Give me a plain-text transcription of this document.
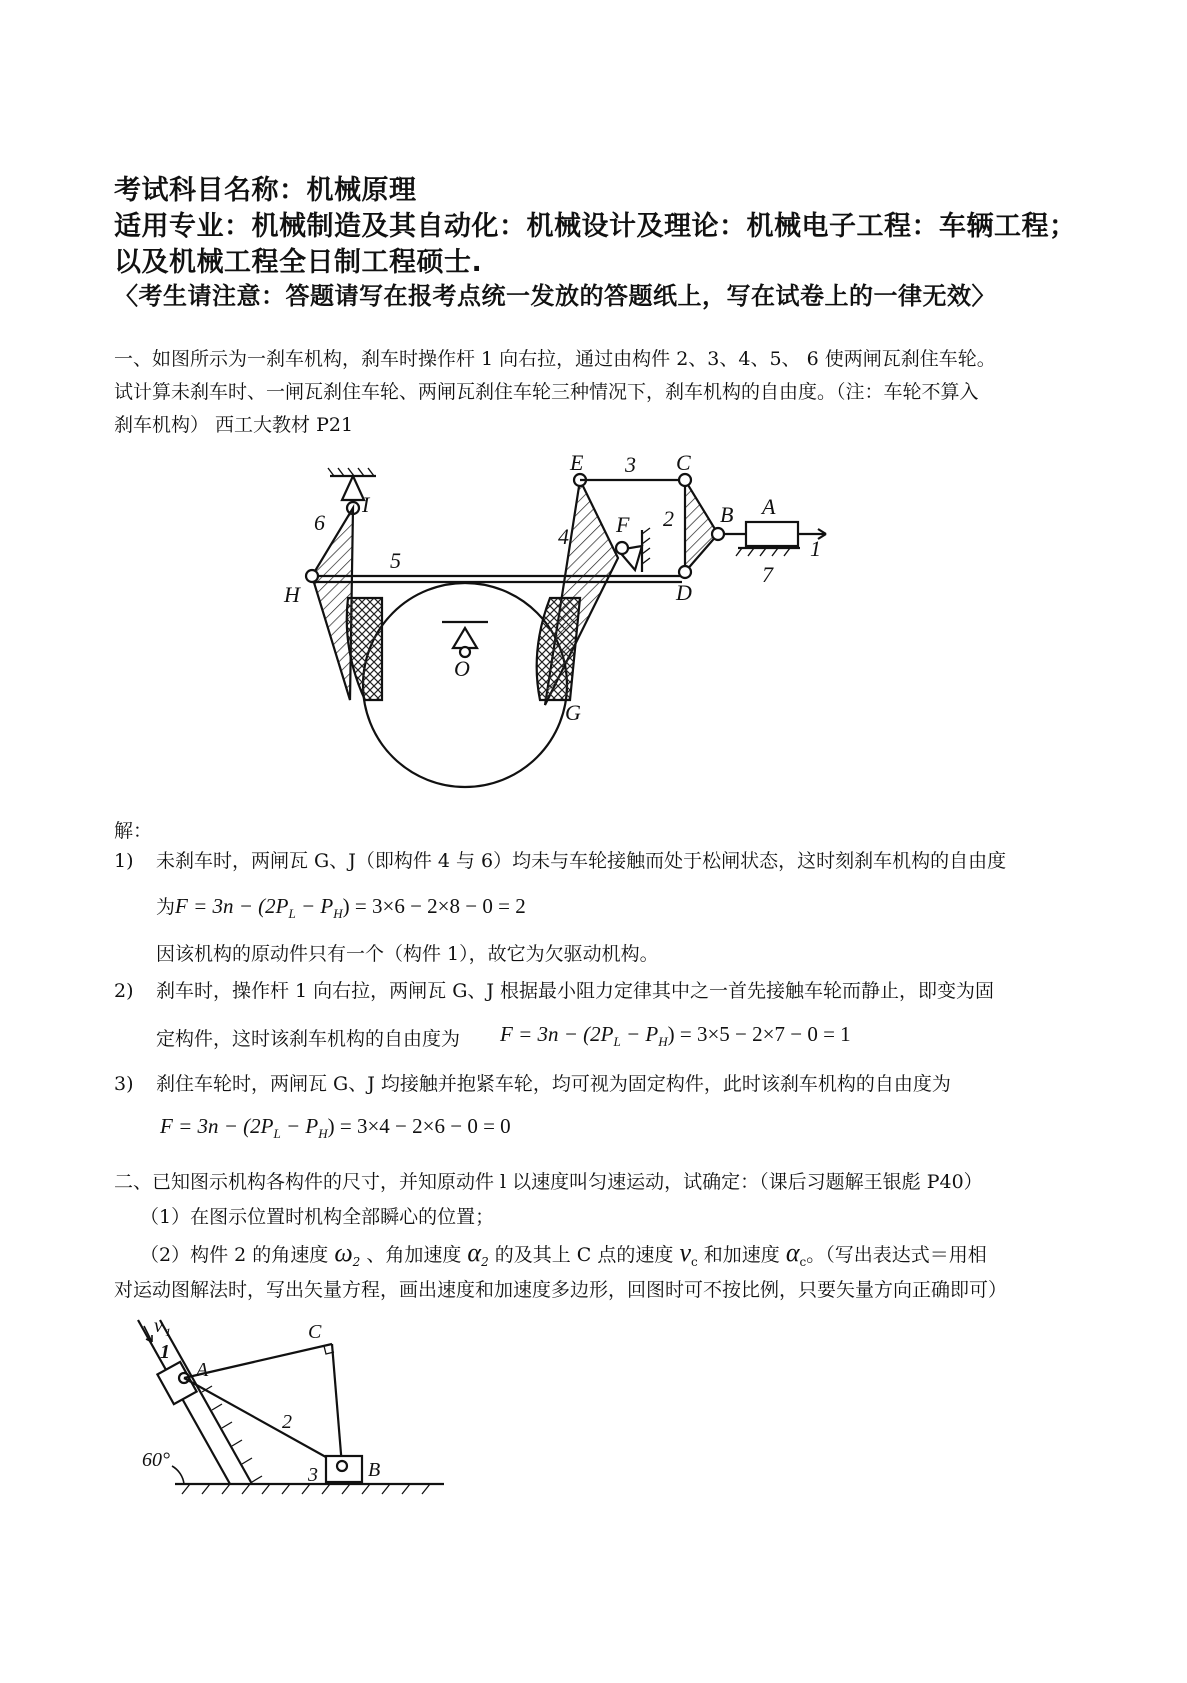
考试科目名称：机械原理
适用专业：机械制造及其自动化：机械设计及理论：机械电子工程：车辆工程；
以及机械工程全日制工程硕士.
〈考生请注意：答题请写在报考点统一发放的答题纸上，写在试卷上的一律无效〉
一、如图所示为一刹车机构，刹车时操作杆 1 向右拉，通过由构件 2、3、4、5、 6 使两闸瓦刹住车轮。
试计算未刹车时、一闸瓦刹住车轮、两闸瓦刹住车轮三种情况下，刹车机构的自由度。（注：车轮不算入
刹车机构） 西工大教材 P21
E 3 C
I
6	F 2 B A
4
5	1
H	D
7
O
G
解：
1) 未刹车时，两闸瓦 G、J（即构件 4 与 6）均未与车轮接触而处于松闸状态，这时刻刹车机构的自由度
为$F = 3n - (2P_L - P_H) = 3\times 6 - 2\times 8 - 0 = 2$
因该机构的原动件只有一个（构件 1），故它为欠驱动机构。
2) 刹车时，操作杆 1 向右拉，两闸瓦 G、J 根据最小阻力定律其中之一首先接触车轮而静止，即变为固
定构件，这时该刹车机构的自由度为 $F = 3n - (2P_L - P_H) = 3\times 5 - 2\times 7 - 0 = 1$
3) 刹住车轮时，两闸瓦 G、J 均接触并抱紧车轮，均可视为固定构件，此时该刹车机构的自由度为
$F = 3n - (2P_L - P_H) = 3\times 4 - 2\times 6 - 0 = 0$
二、已知图示机构各构件的尺寸，并知原动件 l 以速度叫匀速运动，试确定：（课后习题解王银彪 P40）
（1）在图示位置时机构全部瞬心的位置；
（2）构件 2 的角速度 $\omega_2$ 、角加速度 $\alpha_2$ 的及其上 C 点的速度 $v_c$ 和加速度 $\alpha_c$。（写出表达式＝用相
对运动图解法时，写出矢量方程，画出速度和加速度多边形，回图时可不按比例，只要矢量方向正确即可）
v 1
1
A
C
2
60°
3	B
